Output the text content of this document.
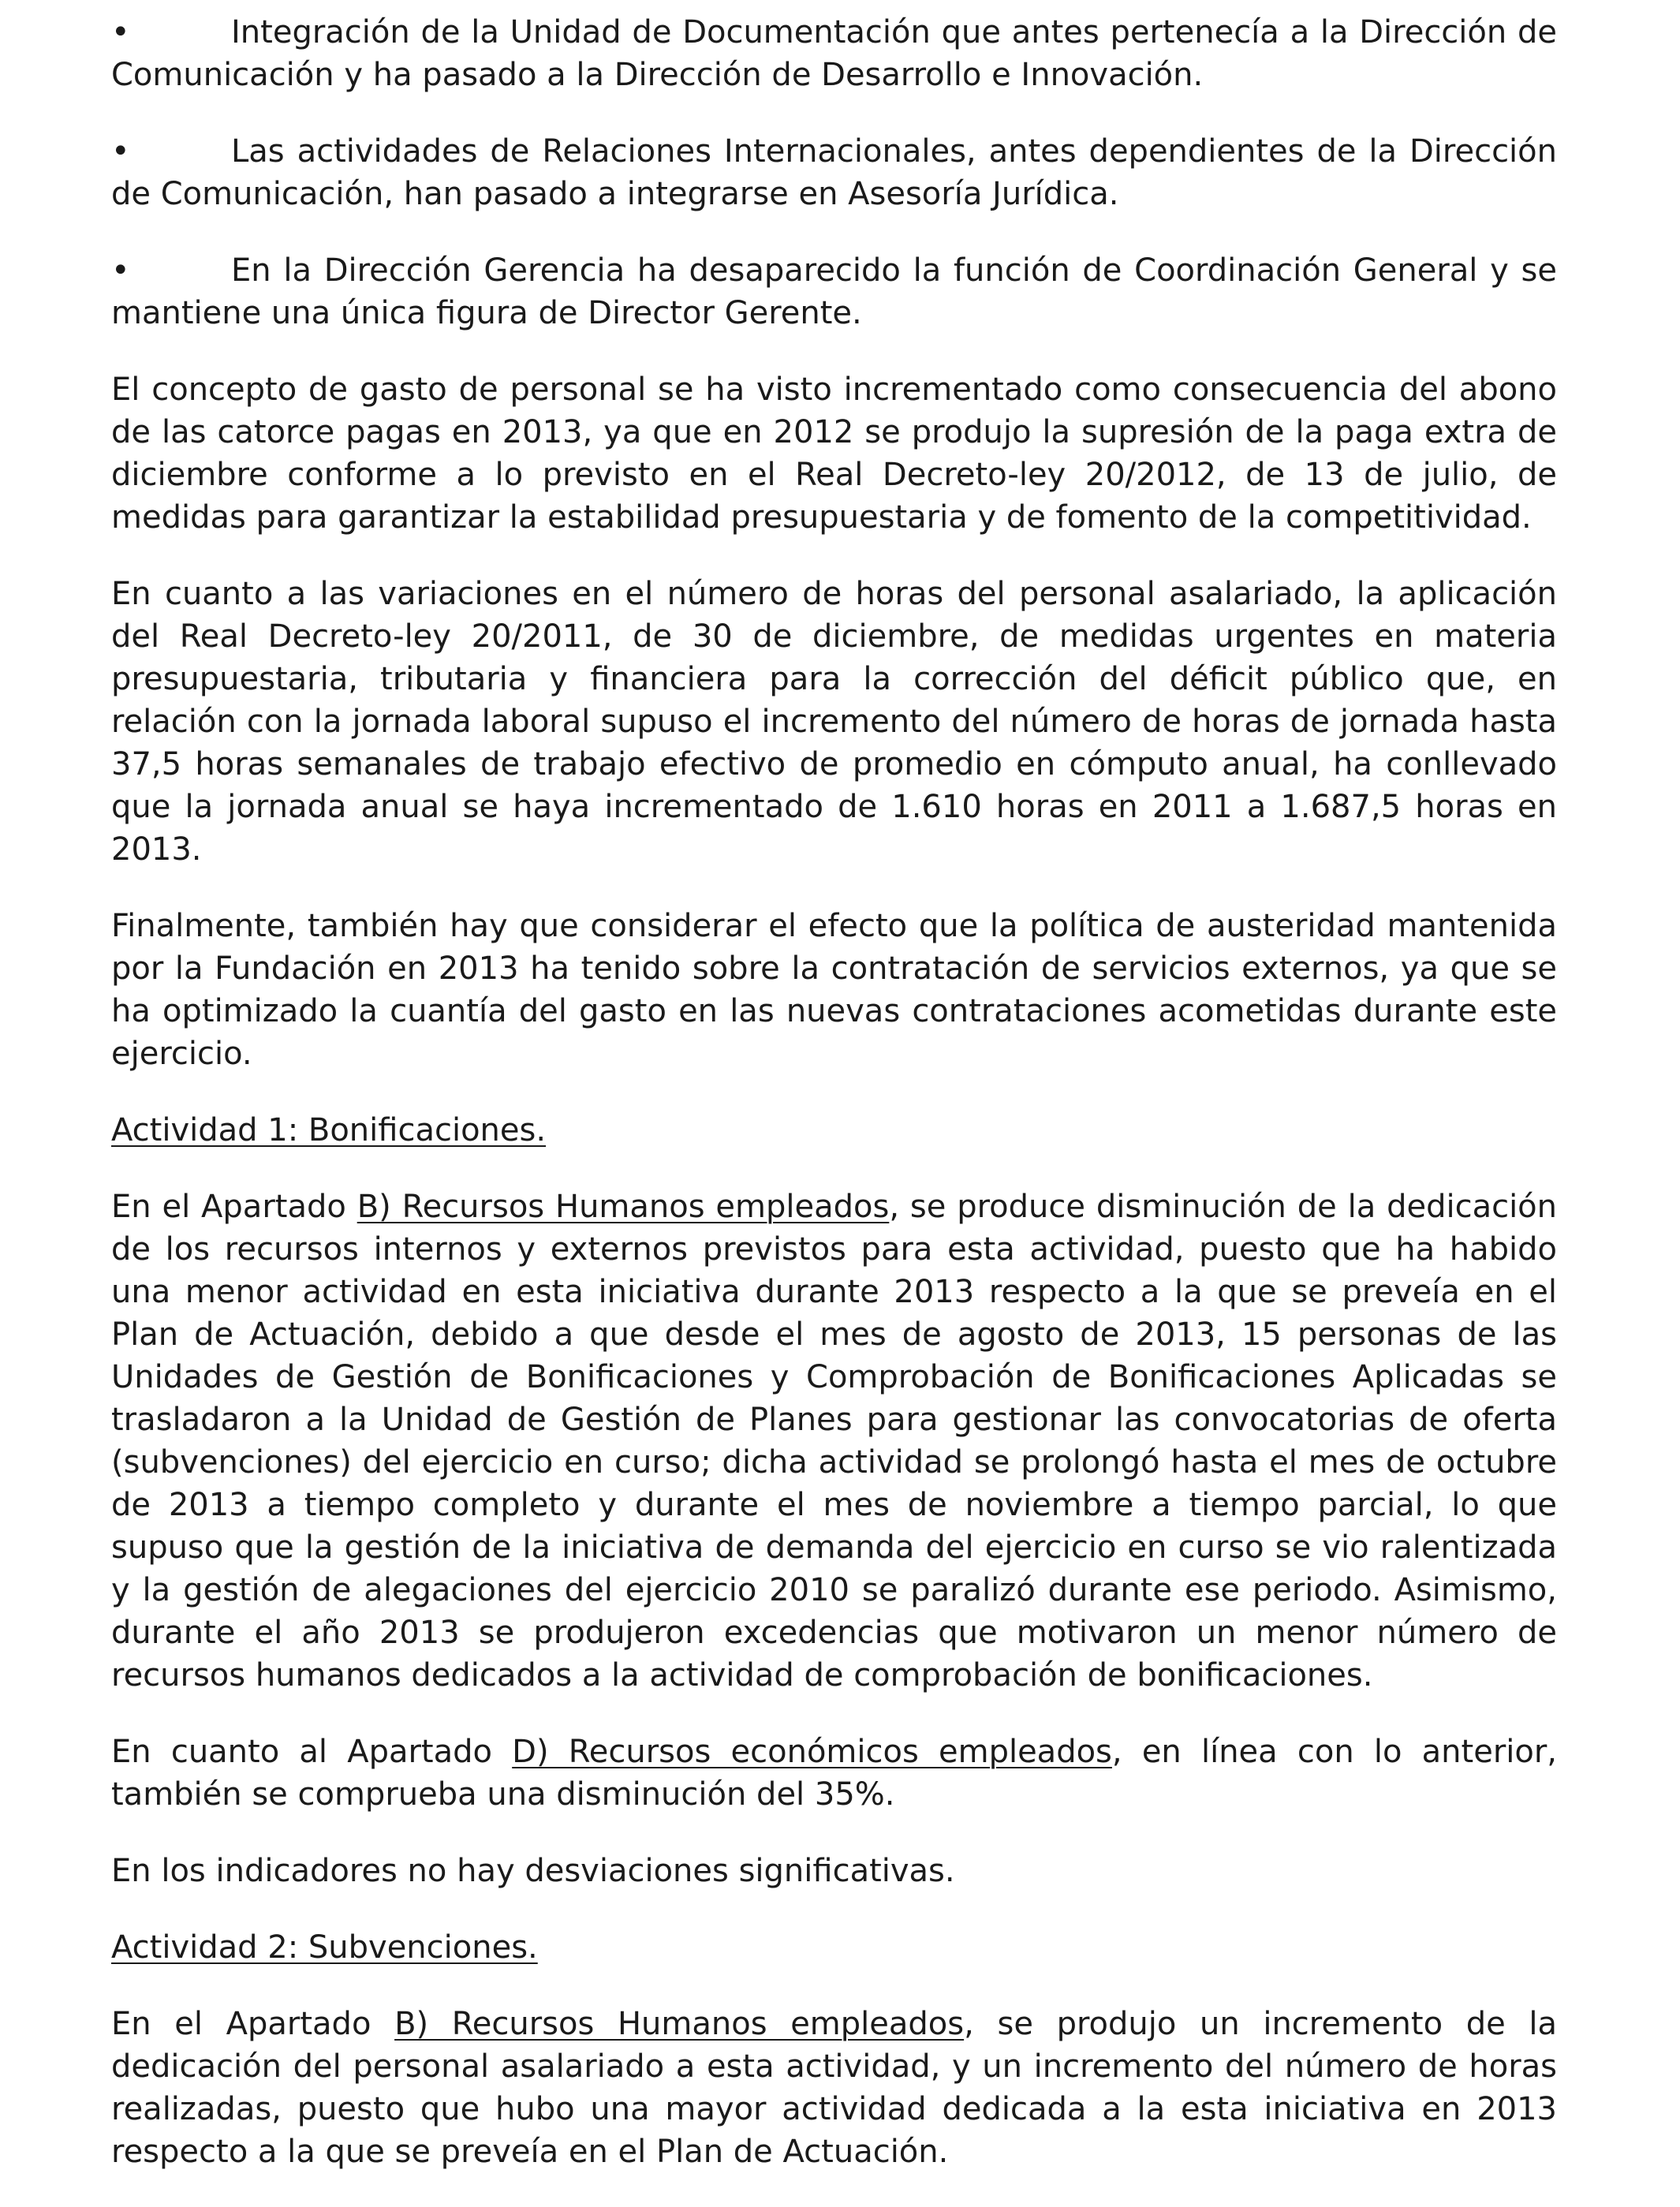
•	Integración de la Unidad de Documentación que antes pertenecía a la Dirección de Comunicación y ha pasado a la Dirección de Desarrollo e Innovación.

•	Las actividades de Relaciones Internacionales, antes dependientes de la Dirección de Comunicación, han pasado a integrarse en Asesoría Jurídica.

•	En la Dirección Gerencia ha desaparecido la función de Coordinación General y se mantiene una única figura de Director Gerente.

El concepto de gasto de personal se ha visto incrementado como consecuencia del abono de las catorce pagas en 2013, ya que en 2012 se produjo la supresión de la paga extra de diciembre conforme a lo previsto en el Real Decreto-ley 20/2012, de 13 de julio, de medidas para garantizar la estabilidad presupuestaria y de fomento de la competitividad.

En cuanto a las variaciones en el número de horas del personal asalariado, la aplicación del Real Decreto-ley 20/2011, de 30 de diciembre, de medidas urgentes en materia presupuestaria, tributaria y financiera para la corrección del déficit público que, en relación con la jornada laboral supuso el incremento del número de horas de jornada hasta 37,5 horas semanales de trabajo efectivo de promedio en cómputo anual, ha conllevado que la jornada anual se haya incrementado de 1.610 horas en 2011 a 1.687,5 horas en 2013.

Finalmente, también hay que considerar el efecto que la política de austeridad mantenida por la Fundación en 2013 ha tenido sobre la contratación de servicios externos, ya que se ha optimizado la cuantía del gasto en las nuevas contrataciones acometidas durante este ejercicio.

Actividad 1: Bonificaciones.

En el Apartado B) Recursos Humanos empleados, se produce disminución de la dedicación de los recursos internos y externos previstos para esta actividad, puesto que ha habido una menor actividad en esta iniciativa durante 2013 respecto a la que se preveía en el Plan de Actuación, debido a que desde el mes de agosto de 2013, 15 personas de las Unidades de Gestión de Bonificaciones y Comprobación de Bonificaciones Aplicadas se trasladaron a la Unidad de Gestión de Planes para gestionar las convocatorias de oferta (subvenciones) del ejercicio en curso; dicha actividad se prolongó hasta el mes de octubre de 2013 a tiempo completo y durante el mes de noviembre a tiempo parcial, lo que supuso que la gestión de la iniciativa de demanda del ejercicio en curso se vio ralentizada y la gestión de alegaciones del ejercicio 2010 se paralizó durante ese periodo. Asimismo, durante el año 2013 se produjeron excedencias que motivaron un menor número de recursos humanos dedicados a la actividad de comprobación de bonificaciones.

En cuanto al Apartado D) Recursos económicos empleados, en línea con lo anterior, también se comprueba una disminución del 35%.

En los indicadores no hay desviaciones significativas.

Actividad 2: Subvenciones.

En el Apartado B) Recursos Humanos empleados, se produjo un incremento de la dedicación del personal asalariado a esta actividad, y un incremento del número de horas realizadas, puesto que hubo una mayor actividad dedicada a la esta iniciativa en 2013 respecto a la que se preveía en el Plan de Actuación.
